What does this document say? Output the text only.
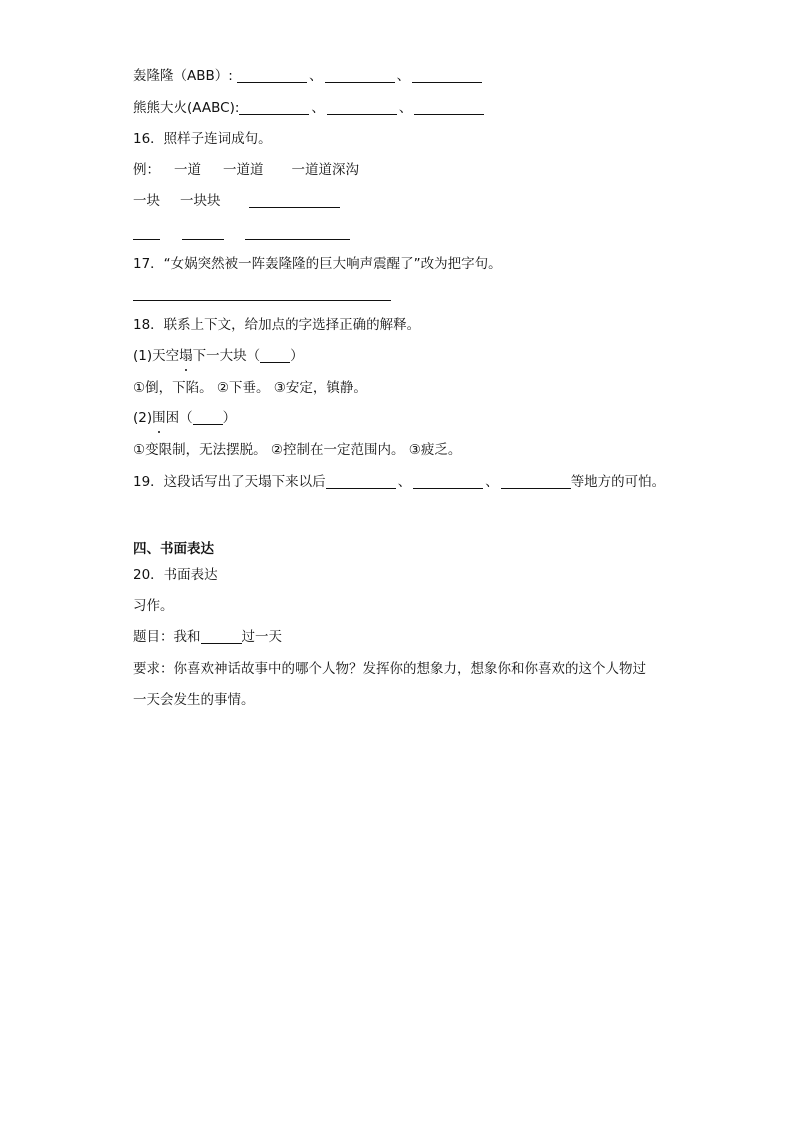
轰隆隆（ABB）:	、	、
熊熊大火(AABC):	、	、
16．照样子连词成句。
例： 一道 一道道 一道道深沟
一块 一块块
17．“女娲突然被一阵轰隆隆的巨大响声震醒了”改为把字句。
18．联系上下文，给加点的字选择正确的解释。
(1)天空塌下一大块（ ）
①倒，下陷。 ②下垂。 ③安定，镇静。
(2)围困（ ）
①变限制，无法摆脱。 ②控制在一定范围内。 ③疲乏。
19．这段话写出了天塌下来以后	、	、	等地方的可怕。
四、书面表达
20．书面表达
习作。
题目：我和	过一天
要求：你喜欢神话故事中的哪个人物？发挥你的想象力，想象你和你喜欢的这个人物过
一天会发生的事情。
